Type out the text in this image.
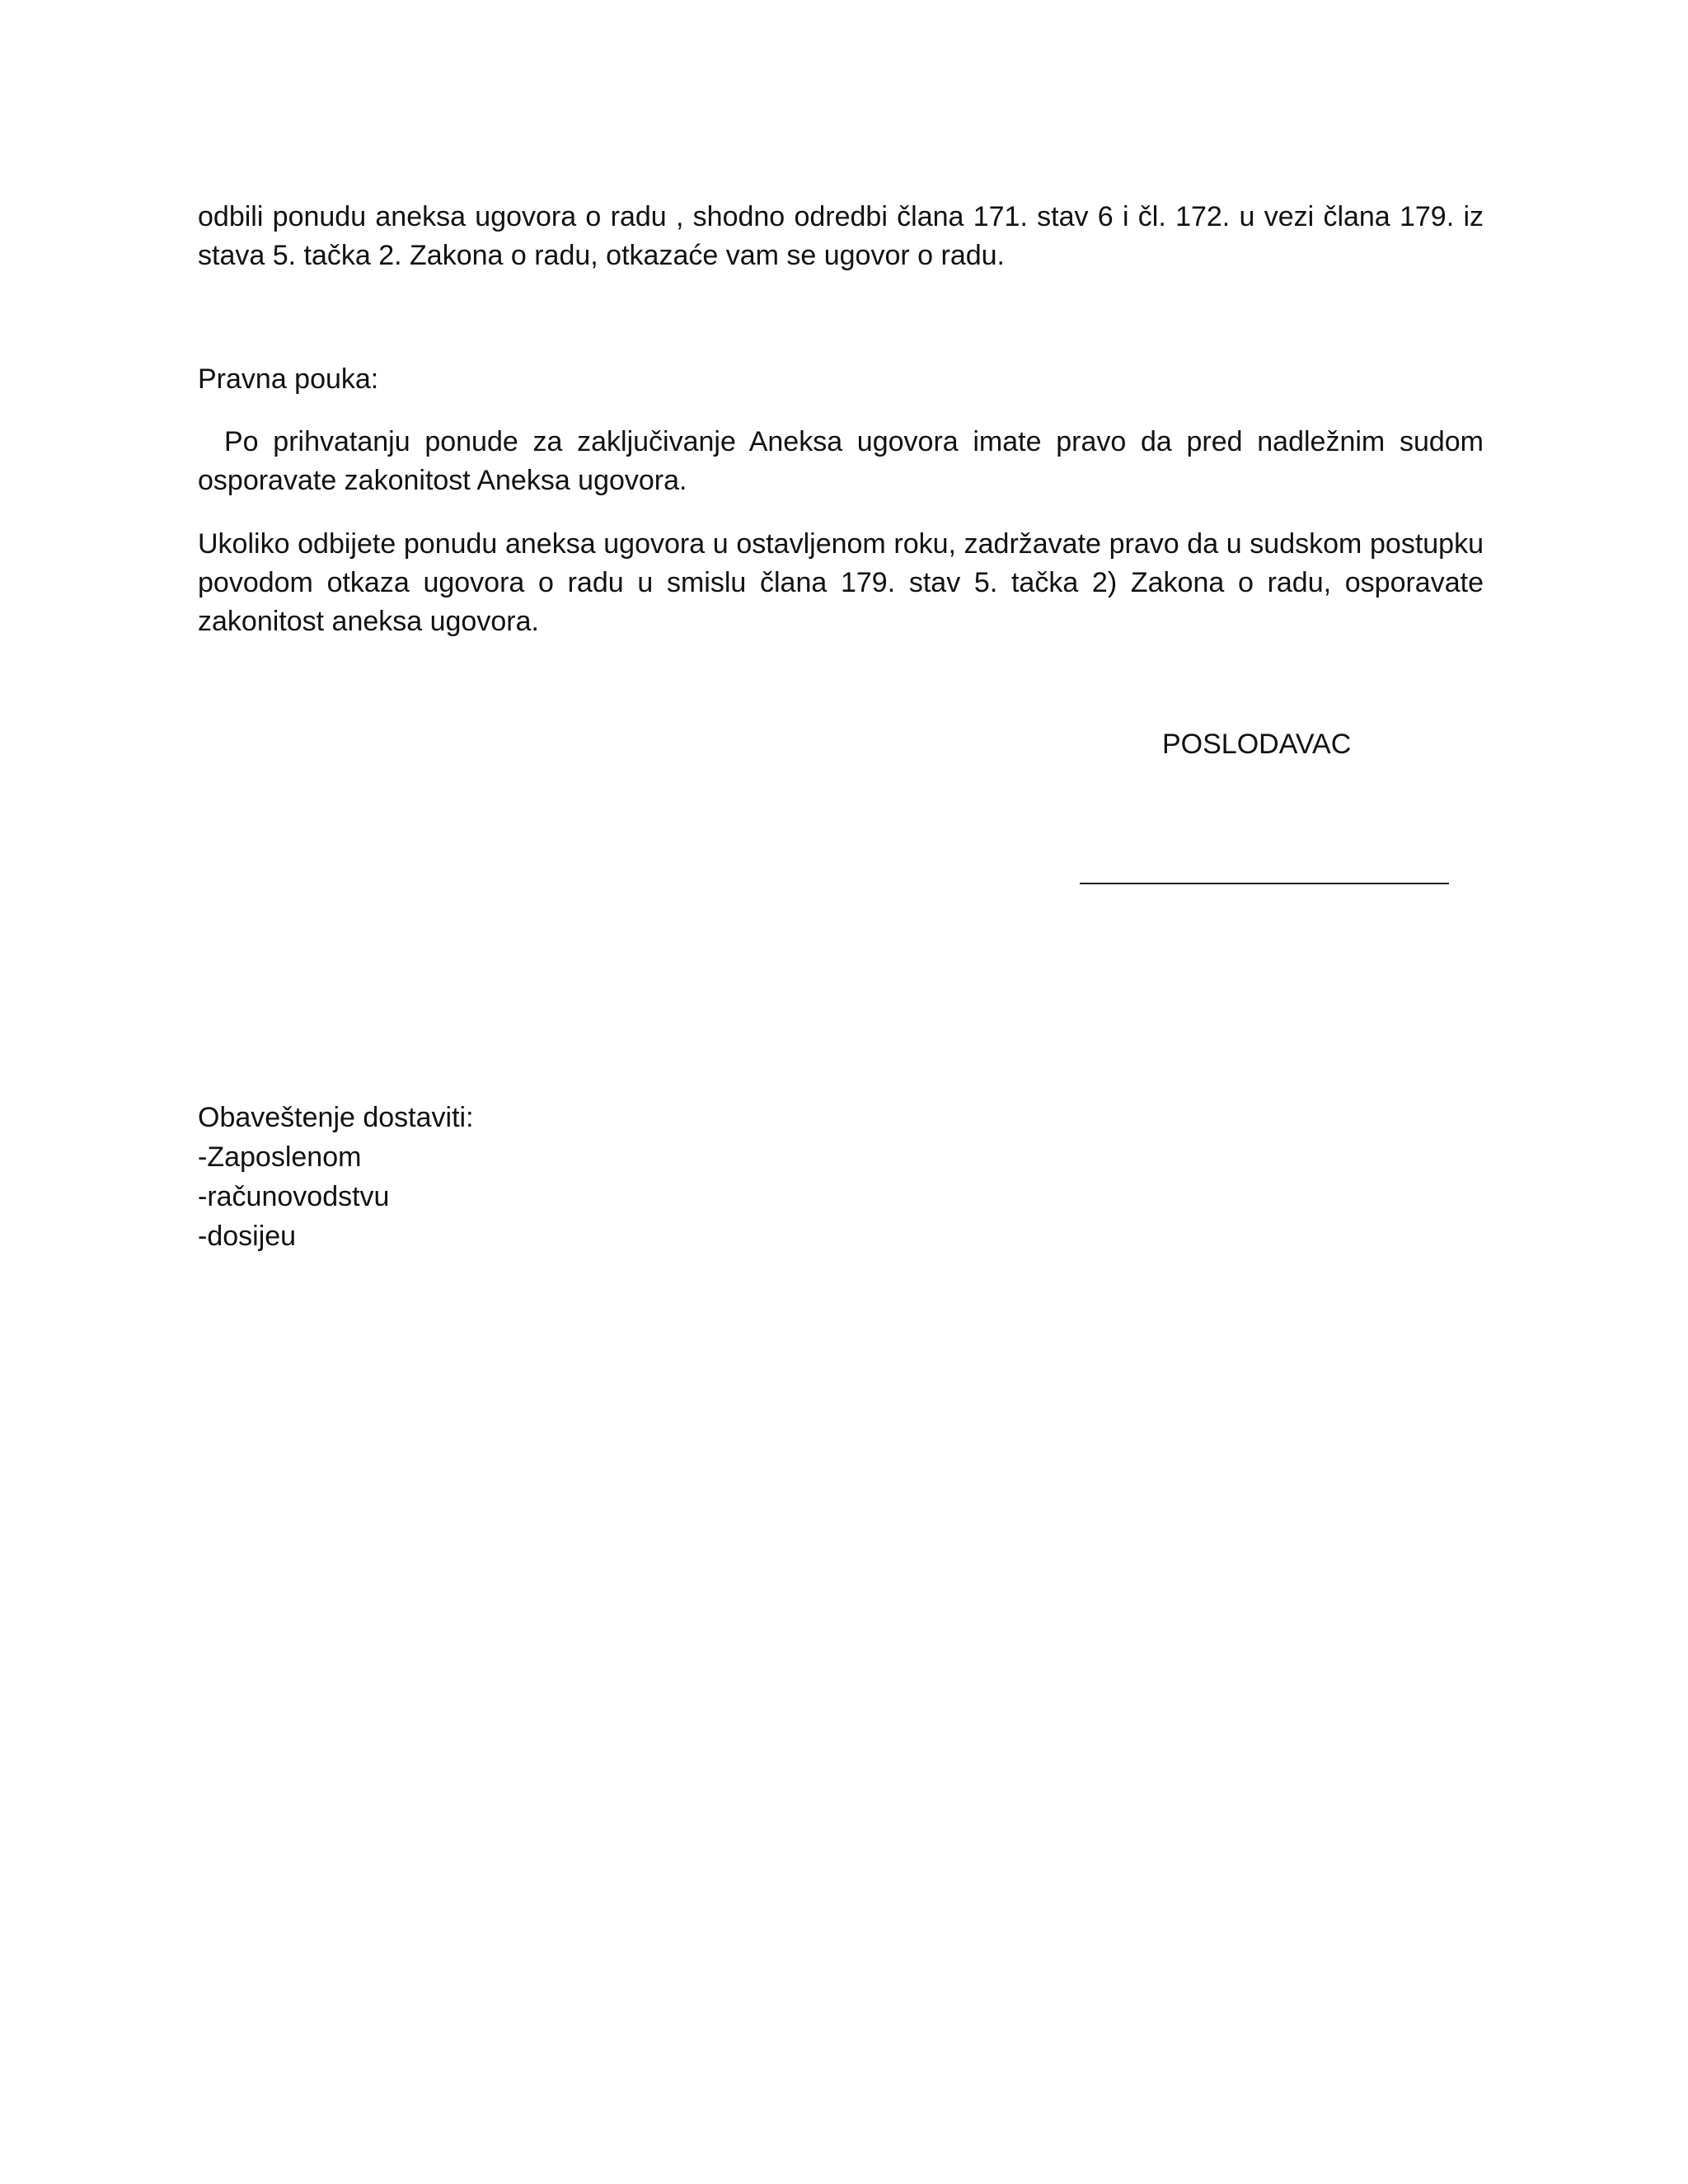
odbili ponudu aneksa ugovora o radu , shodno odredbi člana 171. stav 6 i čl. 172. u vezi člana 179. iz stava 5. tačka 2. Zakona o radu, otkazaće vam se ugovor o radu.

Pravna pouka:

Po prihvatanju ponude za zaključivanje Aneksa ugovora imate pravo da pred nadležnim sudom osporavate zakonitost Aneksa ugovora.

Ukoliko odbijete ponudu aneksa ugovora u ostavljenom roku, zadržavate pravo da u sudskom postupku povodom otkaza ugovora o radu u smislu člana 179. stav 5. tačka 2) Zakona o radu, osporavate zakonitost aneksa ugovora.

POSLODAVAC
Obaveštenje dostaviti:
-Zaposlenom
-računovodstvu
-dosijeu
